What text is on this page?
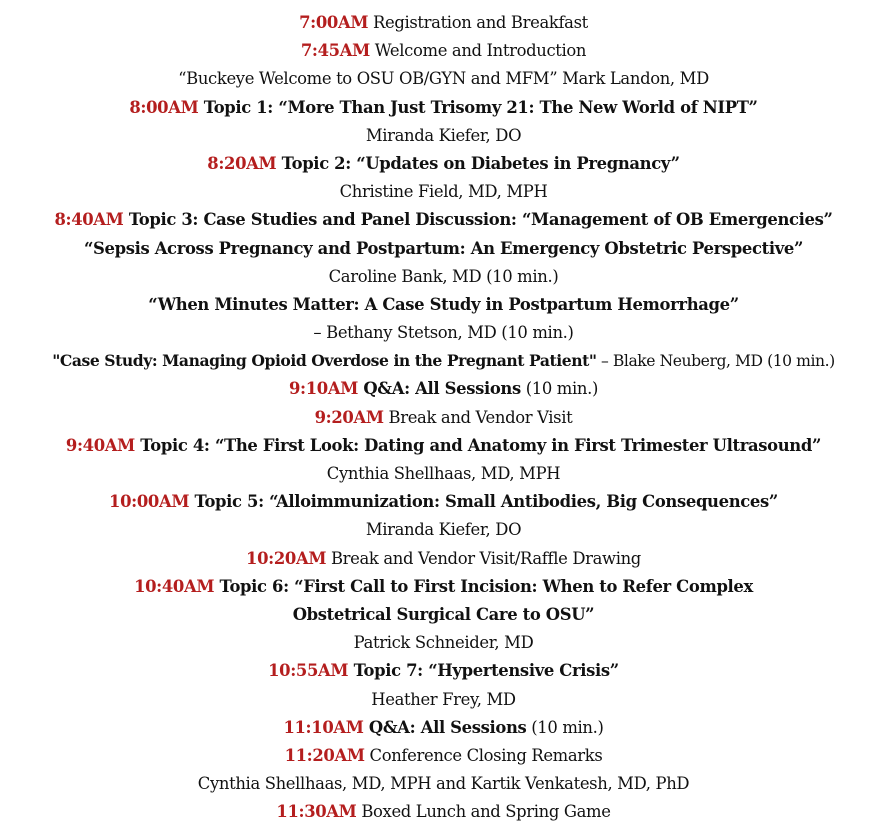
7:00AM Registration and Breakfast
7:45AM Welcome and Introduction
“Buckeye Welcome to OSU OB/GYN and MFM” Mark Landon, MD
8:00AM Topic 1: “More Than Just Trisomy 21: The New World of NIPT”
Miranda Kiefer, DO
8:20AM Topic 2: “Updates on Diabetes in Pregnancy”
Christine Field, MD, MPH
8:40AM Topic 3: Case Studies and Panel Discussion: “Management of OB Emergencies”
“Sepsis Across Pregnancy and Postpartum: An Emergency Obstetric Perspective”
Caroline Bank, MD (10 min.)
“When Minutes Matter: A Case Study in Postpartum Hemorrhage”
– Bethany Stetson, MD (10 min.)
"Case Study: Managing Opioid Overdose in the Pregnant Patient" – Blake Neuberg, MD (10 min.)
9:10AM Q&A: All Sessions (10 min.)
9:20AM Break and Vendor Visit
9:40AM Topic 4: “The First Look: Dating and Anatomy in First Trimester Ultrasound”
Cynthia Shellhaas, MD, MPH
10:00AM Topic 5: “Alloimmunization: Small Antibodies, Big Consequences”
Miranda Kiefer, DO
10:20AM Break and Vendor Visit/Raffle Drawing
10:40AM Topic 6: “First Call to First Incision: When to Refer Complex
Obstetrical Surgical Care to OSU”
Patrick Schneider, MD
10:55AM Topic 7: “Hypertensive Crisis”
Heather Frey, MD
11:10AM Q&A: All Sessions (10 min.)
11:20AM Conference Closing Remarks
Cynthia Shellhaas, MD, MPH and Kartik Venkatesh, MD, PhD
11:30AM Boxed Lunch and Spring Game
